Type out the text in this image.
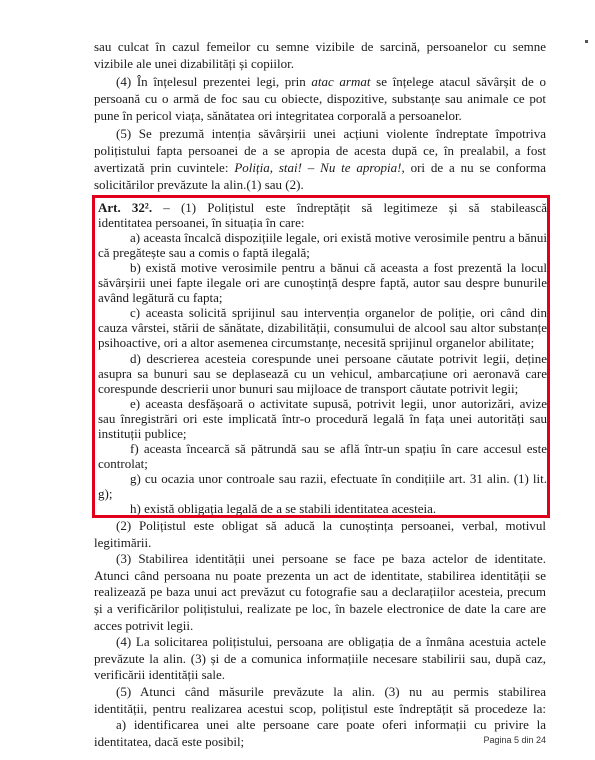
sau culcat în cazul femeilor cu semne vizibile de sarcină, persoanelor cu semne
vizibile ale unei dizabilități și copiilor.
(4) În înțelesul prezentei legi, prin atac armat se înțelege atacul săvârșit de o
persoană cu o armă de foc sau cu obiecte, dispozitive, substanțe sau animale ce pot
pune în pericol viața, sănătatea ori integritatea corporală a persoanelor.
(5) Se prezumă intenția săvârșirii unei acțiuni violente îndreptate împotriva
polițistului fapta persoanei de a se apropia de acesta după ce, în prealabil, a fost
avertizată prin cuvintele: Poliția, stai! – Nu te apropia!, ori de a nu se conforma
solicitărilor prevăzute la alin.(1) sau (2).
Art. 32². – (1) Polițistul este îndreptățit să legitimeze și să stabilească
identitatea persoanei, în situația în care:
a) aceasta încalcă dispozițiile legale, ori există motive verosimile pentru a bănui
că pregătește sau a comis o faptă ilegală;
b) există motive verosimile pentru a bănui că aceasta a fost prezentă la locul
săvârșirii unei fapte ilegale ori are cunoștință despre faptă, autor sau despre bunurile
având legătură cu fapta;
c) aceasta solicită sprijinul sau intervenția organelor de poliție, ori când din
cauza vârstei, stării de sănătate, dizabilității, consumului de alcool sau altor substanțe
psihoactive, ori a altor asemenea circumstanțe, necesită sprijinul organelor abilitate;
d) descrierea acesteia corespunde unei persoane căutate potrivit legii, deține
asupra sa bunuri sau se deplasează cu un vehicul, ambarcațiune ori aeronavă care
corespunde descrierii unor bunuri sau mijloace de transport căutate potrivit legii;
e) aceasta desfășoară o activitate supusă, potrivit legii, unor autorizări, avize
sau înregistrări ori este implicată într-o procedură legală în fața unei autorități sau
instituții publice;
f) aceasta încearcă să pătrundă sau se află într-un spațiu în care accesul este
controlat;
g) cu ocazia unor controale sau razii, efectuate în condițiile art. 31 alin. (1) lit.
g);
h) există obligația legală de a se stabili identitatea acesteia.
(2) Polițistul este obligat să aducă la cunoștința persoanei, verbal, motivul
legitimării.
(3) Stabilirea identității unei persoane se face pe baza actelor de identitate.
Atunci când persoana nu poate prezenta un act de identitate, stabilirea identității se
realizează pe baza unui act prevăzut cu fotografie sau a declarațiilor acesteia, precum
și a verificărilor polițistului, realizate pe loc, în bazele electronice de date la care are
acces potrivit legii.
(4) La solicitarea polițistului, persoana are obligația de a înmâna acestuia actele
prevăzute la alin. (3) și de a comunica informațiile necesare stabilirii sau, după caz,
verificării identității sale.
(5) Atunci când măsurile prevăzute la alin. (3) nu au permis stabilirea
identității, pentru realizarea acestui scop, polițistul este îndreptățit să procedeze la:
a) identificarea unei alte persoane care poate oferi informații cu privire la
identitatea, dacă este posibil;	Pagina 5 din 24
